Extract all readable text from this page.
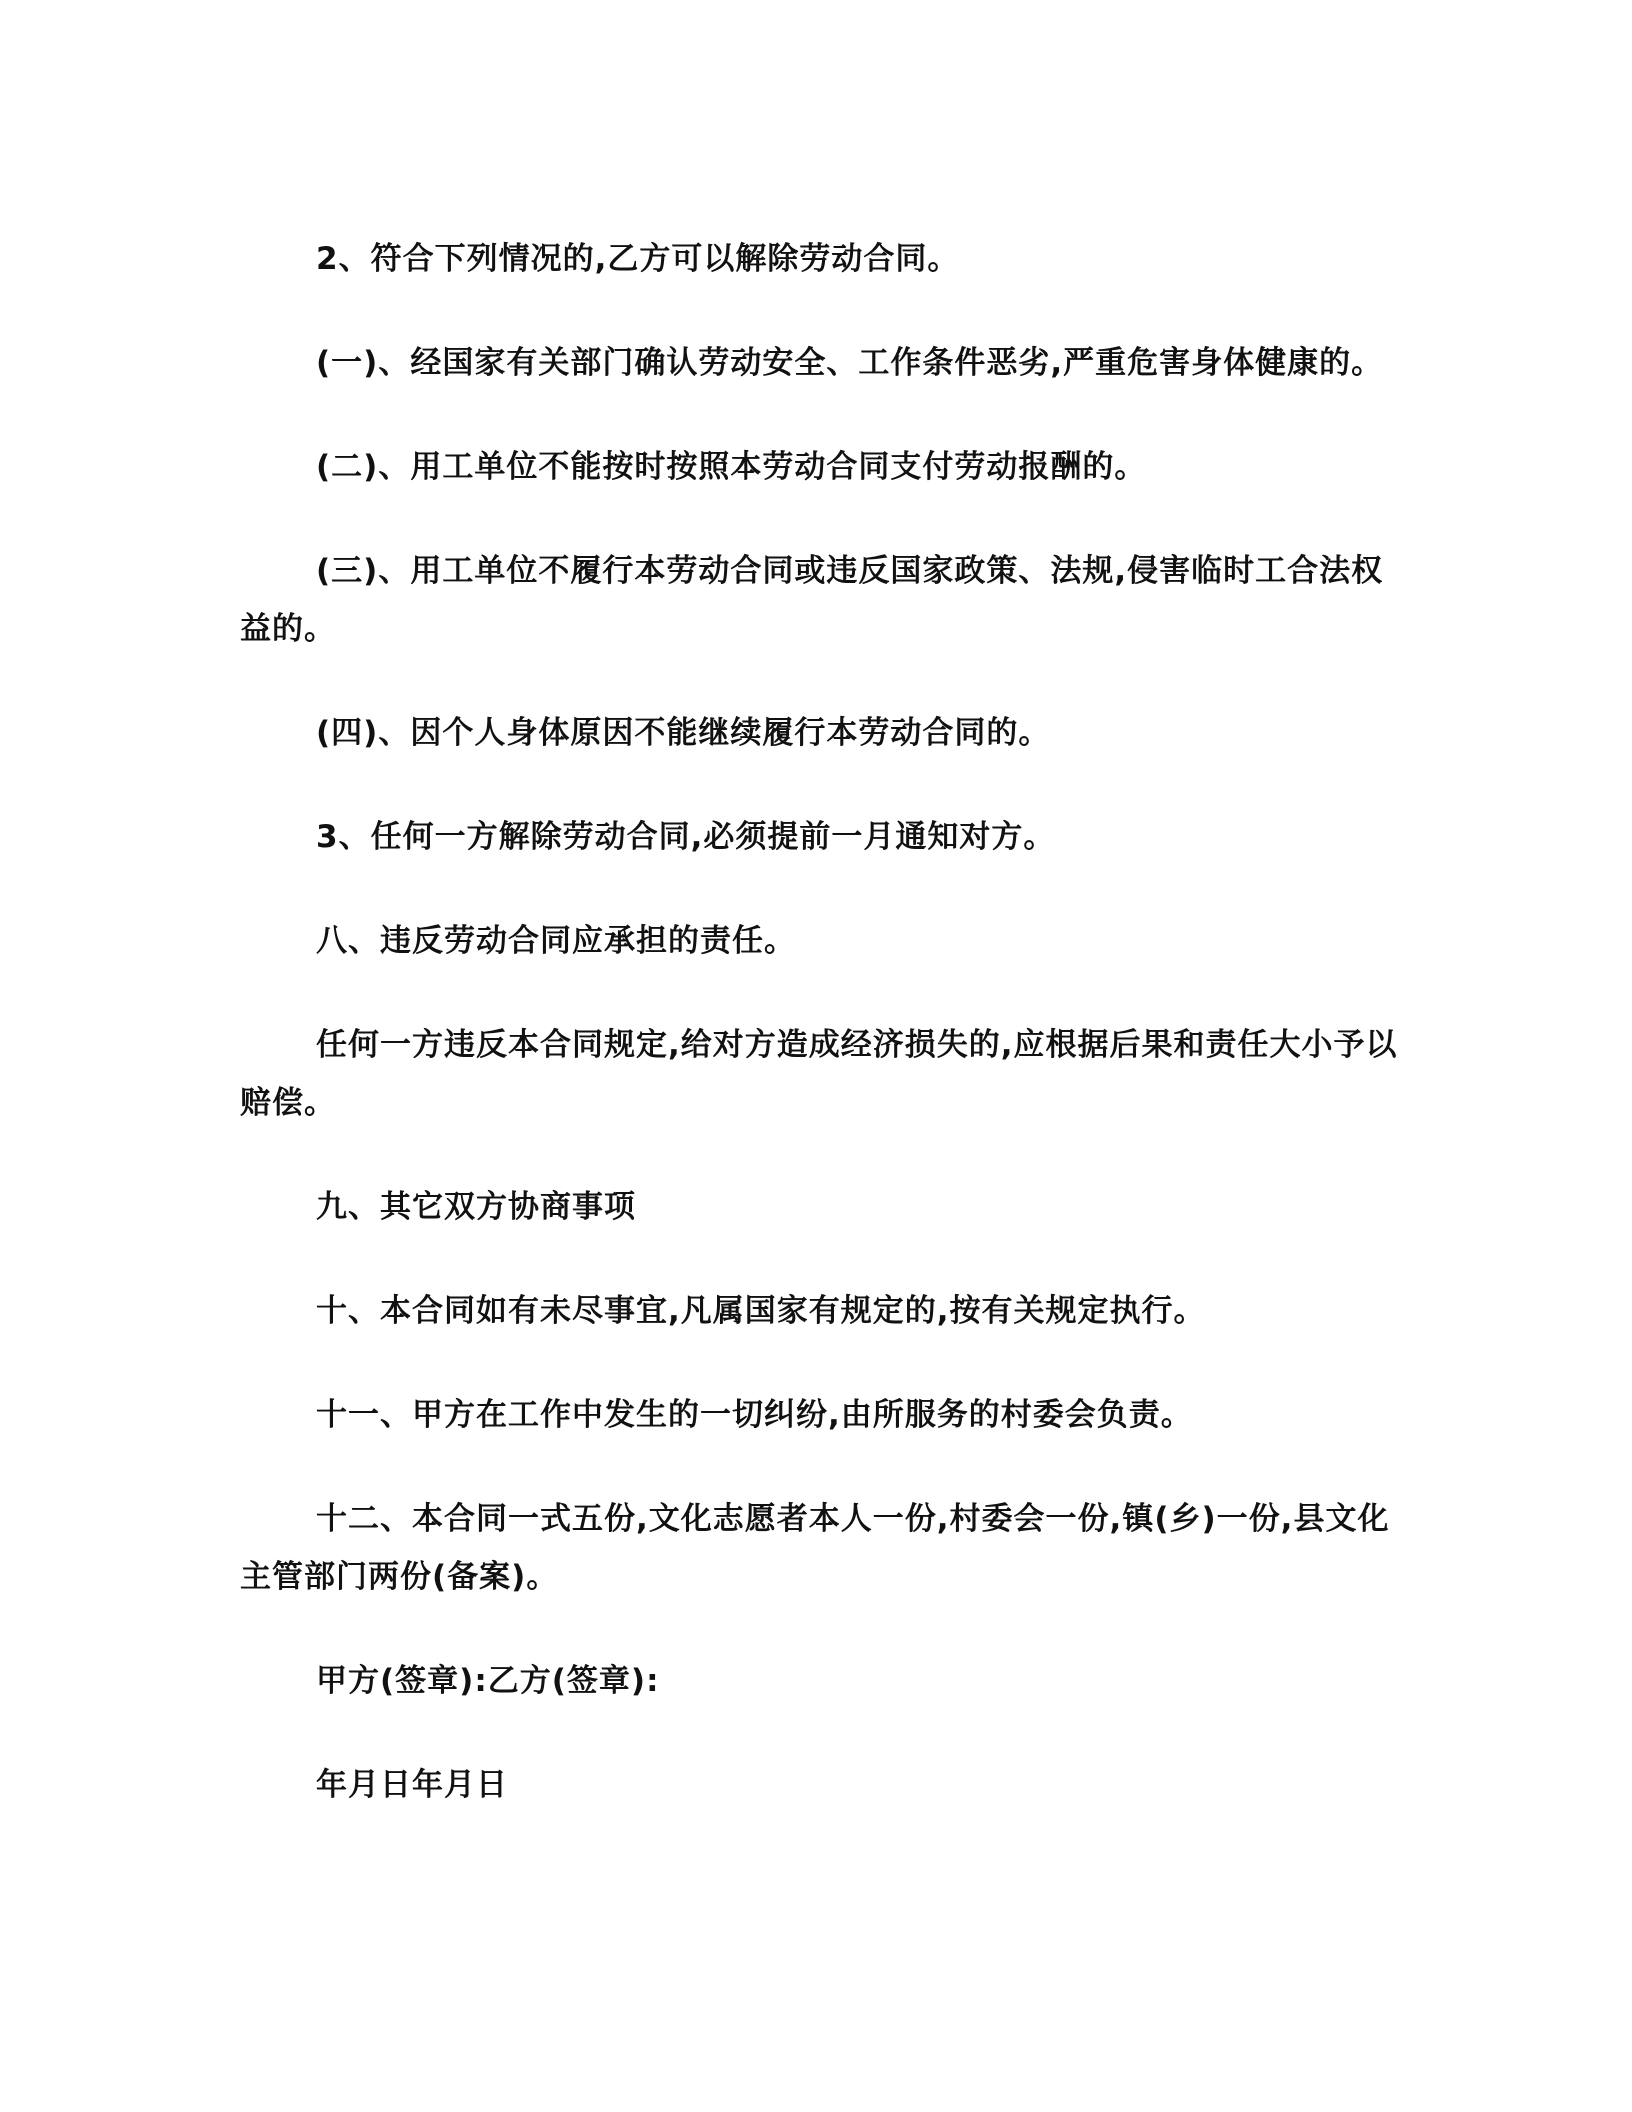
2、符合下列情况的,乙方可以解除劳动合同。

(一)、经国家有关部门确认劳动安全、工作条件恶劣,严重危害身体健康的。

(二)、用工单位不能按时按照本劳动合同支付劳动报酬的。

(三)、用工单位不履行本劳动合同或违反国家政策、法规,侵害临时工合法权益的。

(四)、因个人身体原因不能继续履行本劳动合同的。

3、任何一方解除劳动合同,必须提前一月通知对方。

八、违反劳动合同应承担的责任。

任何一方违反本合同规定,给对方造成经济损失的,应根据后果和责任大小予以赔偿。

九、其它双方协商事项

十、本合同如有未尽事宜,凡属国家有规定的,按有关规定执行。

十一、甲方在工作中发生的一切纠纷,由所服务的村委会负责。

十二、本合同一式五份,文化志愿者本人一份,村委会一份,镇(乡)一份,县文化主管部门两份(备案)。

甲方(签章):乙方(签章):

年月日年月日
